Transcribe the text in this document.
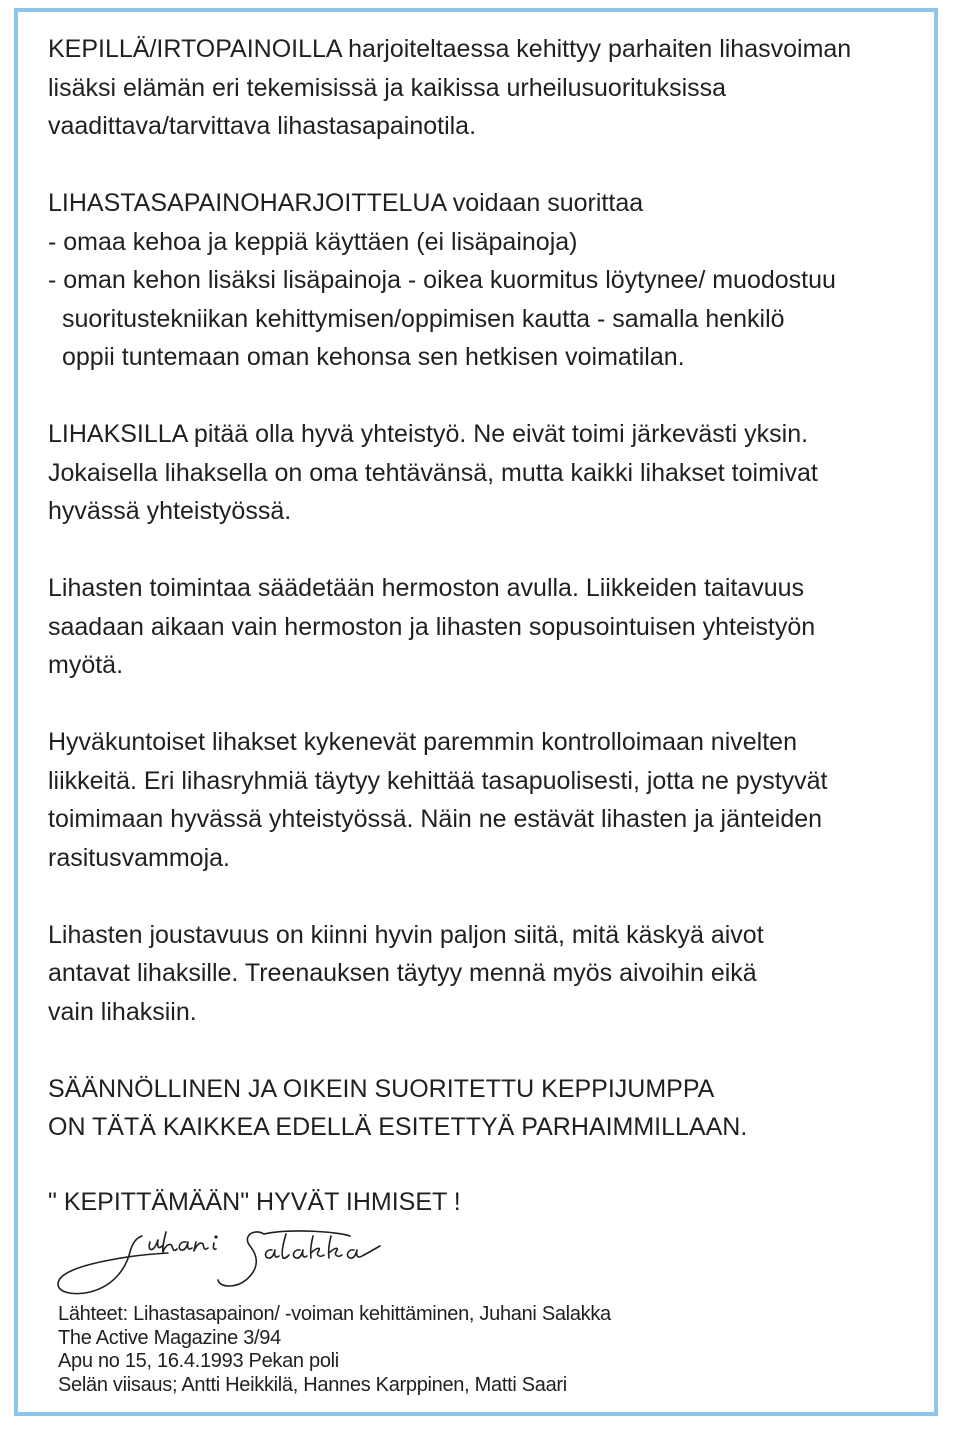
KEPILLÄ/IRTOPAINOILLA harjoiteltaessa kehittyy parhaiten lihasvoiman
lisäksi elämän eri tekemisissä ja kaikissa urheilusuorituksissa
vaadittava/tarvittava lihastasapainotila.
LIHASTASAPAINOHARJOITTELUA voidaan suorittaa
- omaa kehoa ja keppiä käyttäen (ei lisäpainoja)
- oman kehon lisäksi lisäpainoja - oikea kuormitus löytynee/ muodostuu
suoritustekniikan kehittymisen/oppimisen kautta - samalla henkilö
oppii tuntemaan oman kehonsa sen hetkisen voimatilan.
LIHAKSILLA pitää olla hyvä yhteistyö. Ne eivät toimi järkevästi yksin.
Jokaisella lihaksella on oma tehtävänsä, mutta kaikki lihakset toimivat
hyvässä yhteistyössä.
Lihasten toimintaa säädetään hermoston avulla. Liikkeiden taitavuus
saadaan aikaan vain hermoston ja lihasten sopusointuisen yhteistyön
myötä.
Hyväkuntoiset lihakset kykenevät paremmin kontrolloimaan nivelten
liikkeitä. Eri lihasryhmiä täytyy kehittää tasapuolisesti, jotta ne pystyvät
toimimaan hyvässä yhteistyössä. Näin ne estävät lihasten ja jänteiden
rasitusvammoja.
Lihasten joustavuus on kiinni hyvin paljon siitä, mitä käskyä aivot
antavat lihaksille. Treenauksen täytyy mennä myös aivoihin eikä
vain lihaksiin.
SÄÄNNÖLLINEN JA OIKEIN SUORITETTU KEPPIJUMPPA
ON TÄTÄ KAIKKEA EDELLÄ ESITETTYÄ PARHAIMMILLAAN.
" KEPITTÄMÄÄN" HYVÄT IHMISET !
Lähteet: Lihastasapainon/ -voiman kehittäminen, Juhani Salakka
The Active Magazine 3/94
Apu no 15, 16.4.1993 Pekan poli
Selän viisaus; Antti Heikkilä, Hannes Karppinen, Matti Saari
